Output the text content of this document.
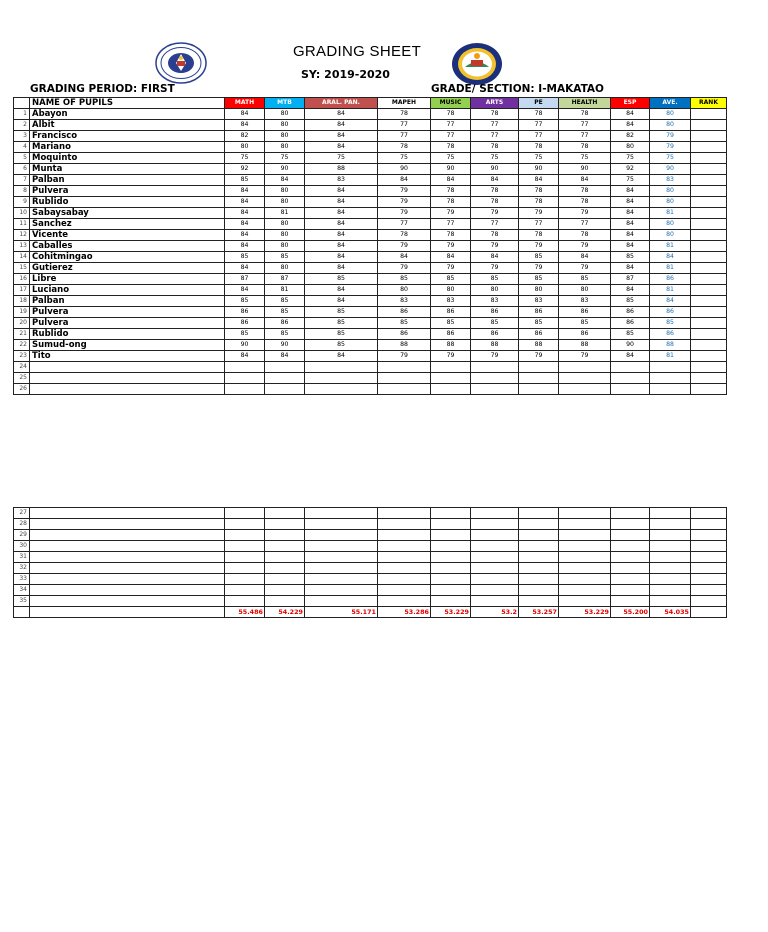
GRADING SHEET
SY: 2019-2020
GRADING PERIOD: FIRST	GRADE/ SECTION: I-MAKATAO
	NAME OF PUPILS	MATH	MTB	ARAL. PAN.	MAPEH	MUSIC	ARTS	PE	HEALTH	ESP	AVE.	RANK
1	Abayon	84	80	84	78	78	78	78	78	84	80	
2	Albit	84	80	84	77	77	77	77	77	84	80	
3	Francisco	82	80	84	77	77	77	77	77	82	79	
4	Mariano	80	80	84	78	78	78	78	78	80	79	
5	Moquinto	75	75	75	75	75	75	75	75	75	75	
6	Munta	92	90	88	90	90	90	90	90	92	90	
7	Palban	85	84	83	84	84	84	84	84	75	83	
8	Pulvera	84	80	84	79	78	78	78	78	84	80	
9	Rublido	84	80	84	79	78	78	78	78	84	80	
10	Sabaysabay	84	81	84	79	79	79	79	79	84	81	
11	Sanchez	84	80	84	77	77	77	77	77	84	80	
12	Vicente	84	80	84	78	78	78	78	78	84	80	
13	Caballes	84	80	84	79	79	79	79	79	84	81	
14	Cohitmingao	85	85	84	84	84	84	85	84	85	84	
15	Gutierez	84	80	84	79	79	79	79	79	84	81	
16	Libre	87	87	85	85	85	85	85	85	87	86	
17	Luciano	84	81	84	80	80	80	80	80	84	81	
18	Palban	85	85	84	83	83	83	83	83	85	84	
19	Pulvera	86	85	85	86	86	86	86	86	86	86	
20	Pulvera	86	86	85	85	85	85	85	85	86	85	
21	Rublido	85	85	85	86	86	86	86	86	85	86	
22	Sumud-ong	90	90	85	88	88	88	88	88	90	88	
23	Tito	84	84	84	79	79	79	79	79	84	81	
24												
25												
26												
27												
28												
29												
30												
31												
32												
33												
34												
35												
		55.486	54.229	55.171	53.286	53.229	53.2	53.257	53.229	55.200	54.035	
